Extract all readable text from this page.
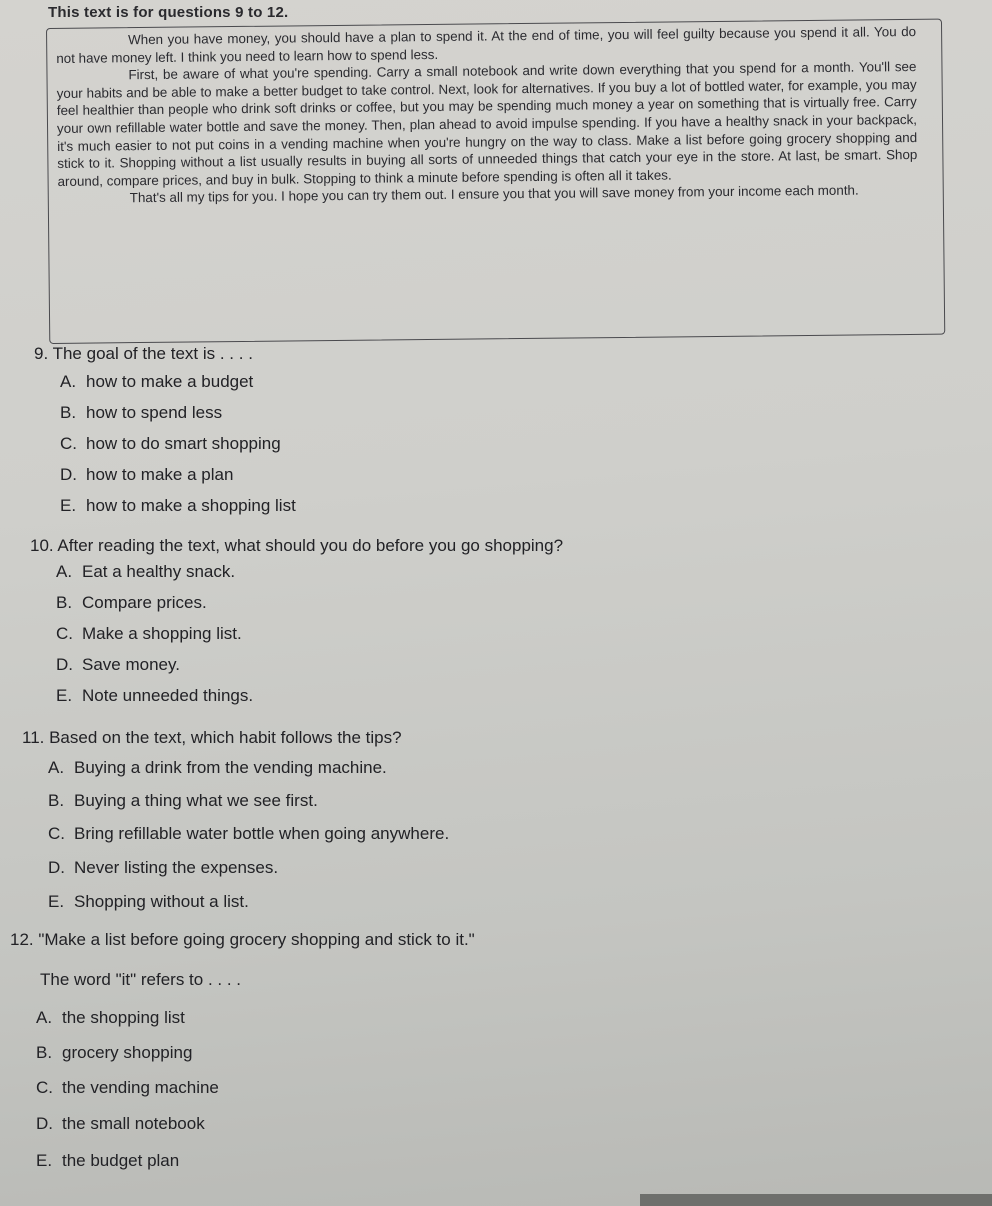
This text is for questions 9 to 12.

When you have money, you should have a plan to spend it. At the end of time, you will feel guilty because you spend it all. You do not have money left. I think you need to learn how to spend less.

First, be aware of what you're spending. Carry a small notebook and write down everything that you spend for a month. You'll see your habits and be able to make a better budget to take control. Next, look for alternatives. If you buy a lot of bottled water, for example, you may feel healthier than people who drink soft drinks or coffee, but you may be spending much money a year on something that is virtually free. Carry your own refillable water bottle and save the money. Then, plan ahead to avoid impulse spending. If you have a healthy snack in your backpack, it's much easier to not put coins in a vending machine when you're hungry on the way to class. Make a list before going grocery shopping and stick to it. Shopping without a list usually results in buying all sorts of unneeded things that catch your eye in the store. At last, be smart. Shop around, compare prices, and buy in bulk. Stopping to think a minute before spending is often all it takes.

That's all my tips for you. I hope you can try them out. I ensure you that you will save money from your income each month.

9. The goal of the text is . . . .
A. how to make a budget
B. how to spend less
C. how to do smart shopping
D. how to make a plan
E. how to make a shopping list
10. After reading the text, what should you do before you go shopping?
A. Eat a healthy snack.
B. Compare prices.
C. Make a shopping list.
D. Save money.
E. Note unneeded things.
11. Based on the text, which habit follows the tips?
A. Buying a drink from the vending machine.
B. Buying a thing what we see first.
C. Bring refillable water bottle when going anywhere.
D. Never listing the expenses.
E. Shopping without a list.
12. "Make a list before going grocery shopping and stick to it."
The word "it" refers to . . . .
A. the shopping list
B. grocery shopping
C. the vending machine
D. the small notebook
E. the budget plan
